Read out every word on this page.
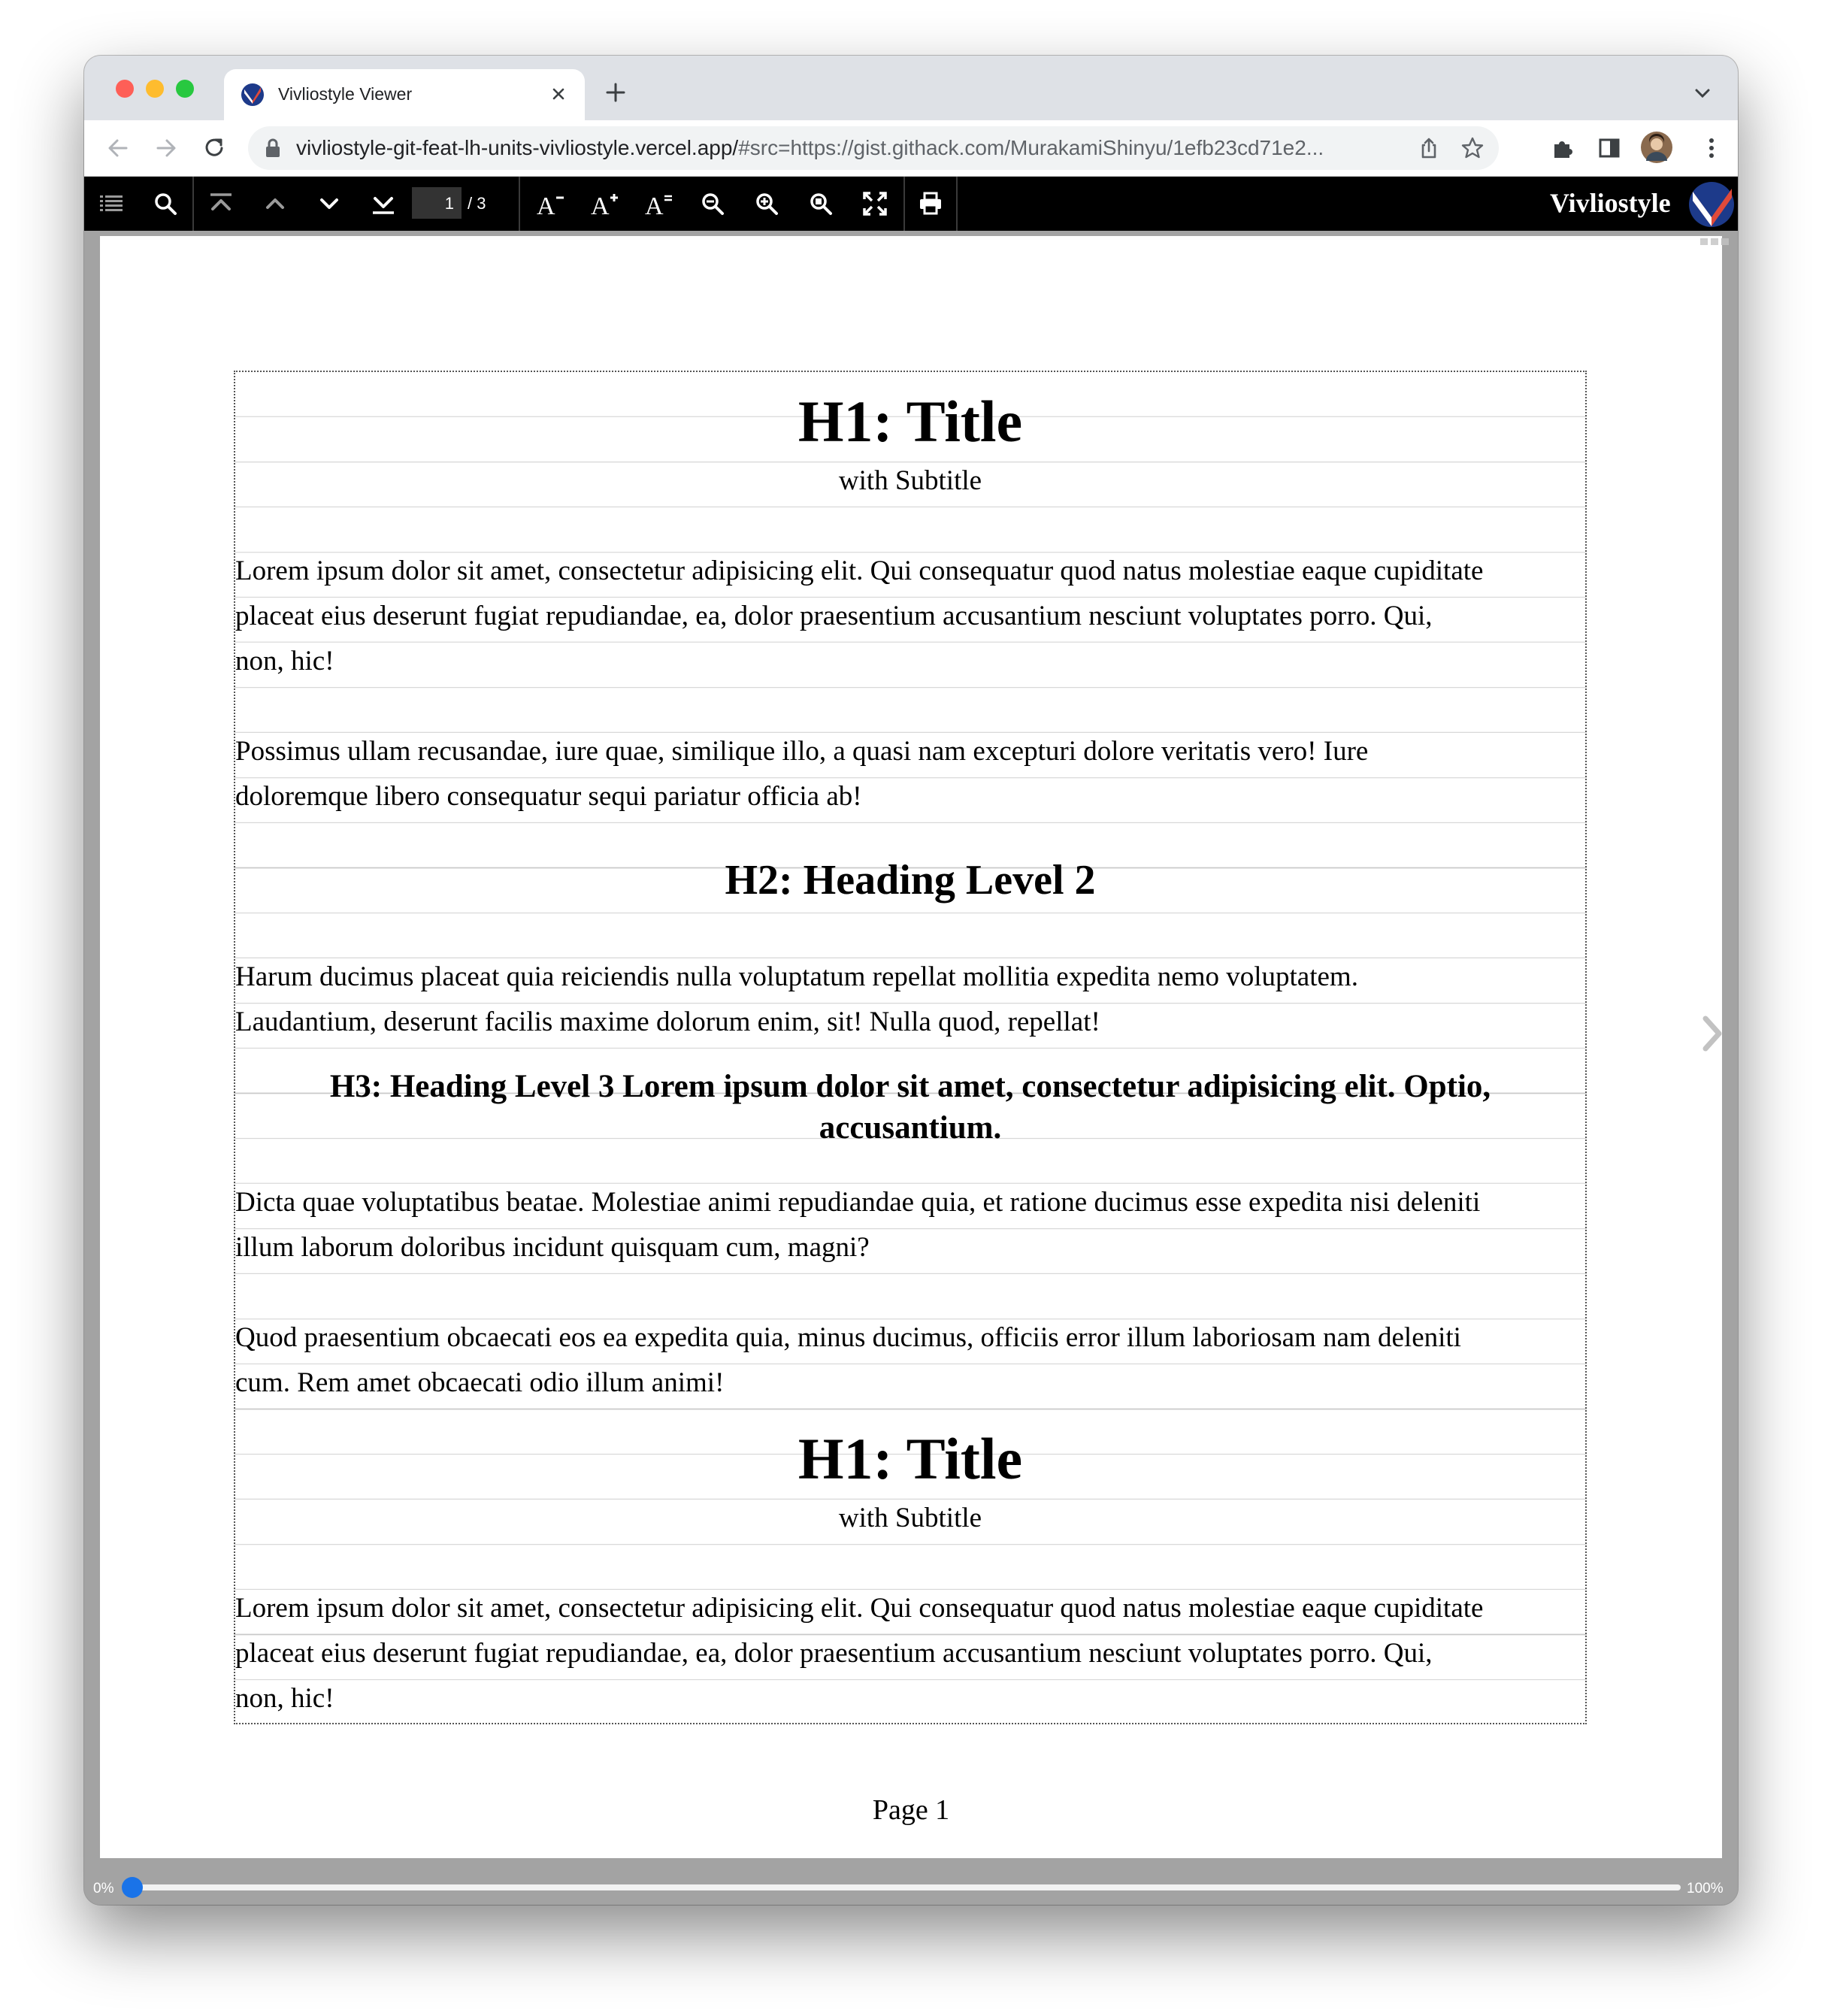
Vivliostyle Viewer
vivliostyle-git-feat-lh-units-vivliostyle.vercel.app/#src=https://gist.githack.com/MurakamiShinyu/1efb23cd71e2...
1 / 3 A A A	Vivliostyle
H1: Title
with Subtitle
Lorem ipsum dolor sit amet, consectetur adipisicing elit. Qui consequatur quod natus molestiae eaque cupiditate
placeat eius deserunt fugiat repudiandae, ea, dolor praesentium accusantium nesciunt voluptates porro. Qui,
non, hic!
Possimus ullam recusandae, iure quae, similique illo, a quasi nam excepturi dolore veritatis vero! Iure
doloremque libero consequatur sequi pariatur officia ab!
H2: Heading Level 2
Harum ducimus placeat quia reiciendis nulla voluptatum repellat mollitia expedita nemo voluptatem.
Laudantium, deserunt facilis maxime dolorum enim, sit! Nulla quod, repellat!
H3: Heading Level 3 Lorem ipsum dolor sit amet, consectetur adipisicing elit. Optio,
accusantium.
Dicta quae voluptatibus beatae. Molestiae animi repudiandae quia, et ratione ducimus esse expedita nisi deleniti
illum laborum doloribus incidunt quisquam cum, magni?
Quod praesentium obcaecati eos ea expedita quia, minus ducimus, officiis error illum laboriosam nam deleniti
cum. Rem amet obcaecati odio illum animi!
H1: Title
with Subtitle
Lorem ipsum dolor sit amet, consectetur adipisicing elit. Qui consequatur quod natus molestiae eaque cupiditate
placeat eius deserunt fugiat repudiandae, ea, dolor praesentium accusantium nesciunt voluptates porro. Qui,
non, hic!
Page 1
0%	100%
